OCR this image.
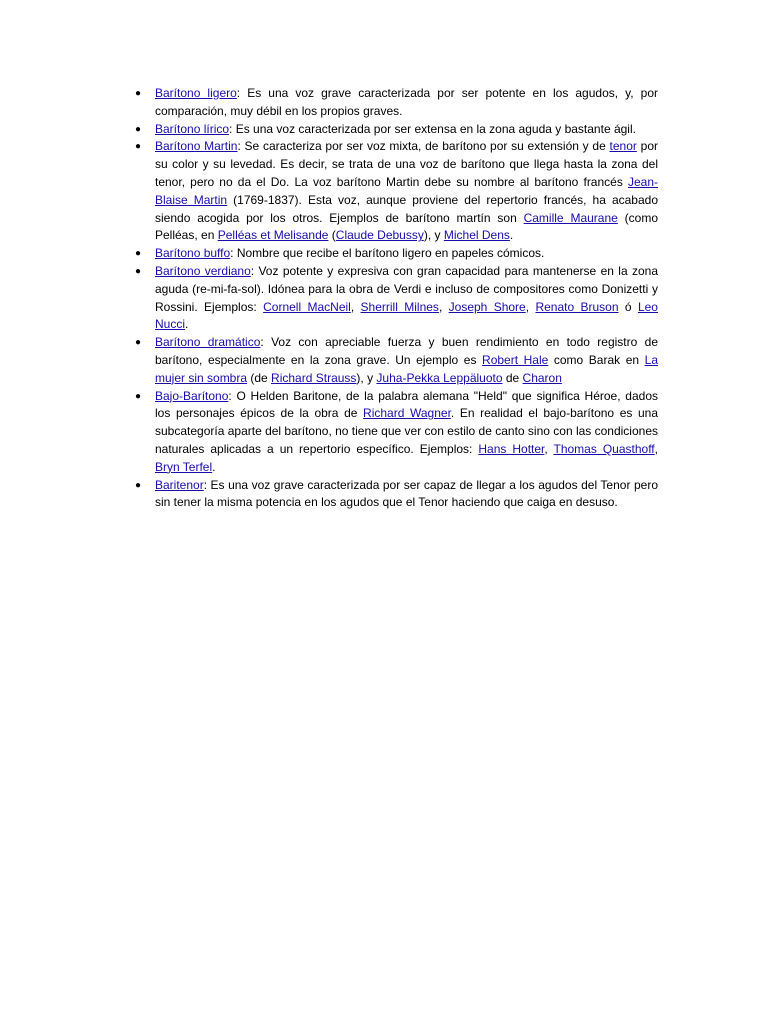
● Barítono ligero: Es una voz grave caracterizada por ser potente en los agudos, y, por comparación, muy débil en los propios graves.
● Barítono lírico: Es una voz caracterizada por ser extensa en la zona aguda y bastante ágil.
● Barítono Martin: Se caracteriza por ser voz mixta, de barítono por su extensión y de tenor por su color y su levedad. Es decir, se trata de una voz de barítono que llega hasta la zona del tenor, pero no da el Do. La voz barítono Martin debe su nombre al barítono francés Jean-Blaise Martin (1769-1837). Esta voz, aunque proviene del repertorio francés, ha acabado siendo acogida por los otros. Ejemplos de barítono martín son Camille Maurane (como Pelléas, en Pelléas et Melisande (Claude Debussy), y Michel Dens.
● Barítono buffo: Nombre que recibe el barítono ligero en papeles cómicos.
● Barítono verdiano: Voz potente y expresiva con gran capacidad para mantenerse en la zona aguda (re-mi-fa-sol). Idónea para la obra de Verdi e incluso de compositores como Donizetti y Rossini. Ejemplos: Cornell MacNeil, Sherrill Milnes, Joseph Shore, Renato Bruson ó Leo Nucci.
● Barítono dramático: Voz con apreciable fuerza y buen rendimiento en todo registro de barítono, especialmente en la zona grave. Un ejemplo es Robert Hale como Barak en La mujer sin sombra (de Richard Strauss), y Juha-Pekka Leppäluoto de Charon
● Bajo-Barítono: O Helden Baritone, de la palabra alemana "Held" que significa Héroe, dados los personajes épicos de la obra de Richard Wagner. En realidad el bajo-barítono es una subcategoría aparte del barítono, no tiene que ver con estilo de canto sino con las condiciones naturales aplicadas a un repertorio específico. Ejemplos: Hans Hotter, Thomas Quasthoff, Bryn Terfel.
● Baritenor: Es una voz grave caracterizada por ser capaz de llegar a los agudos del Tenor pero sin tener la misma potencia en los agudos que el Tenor haciendo que caiga en desuso.
